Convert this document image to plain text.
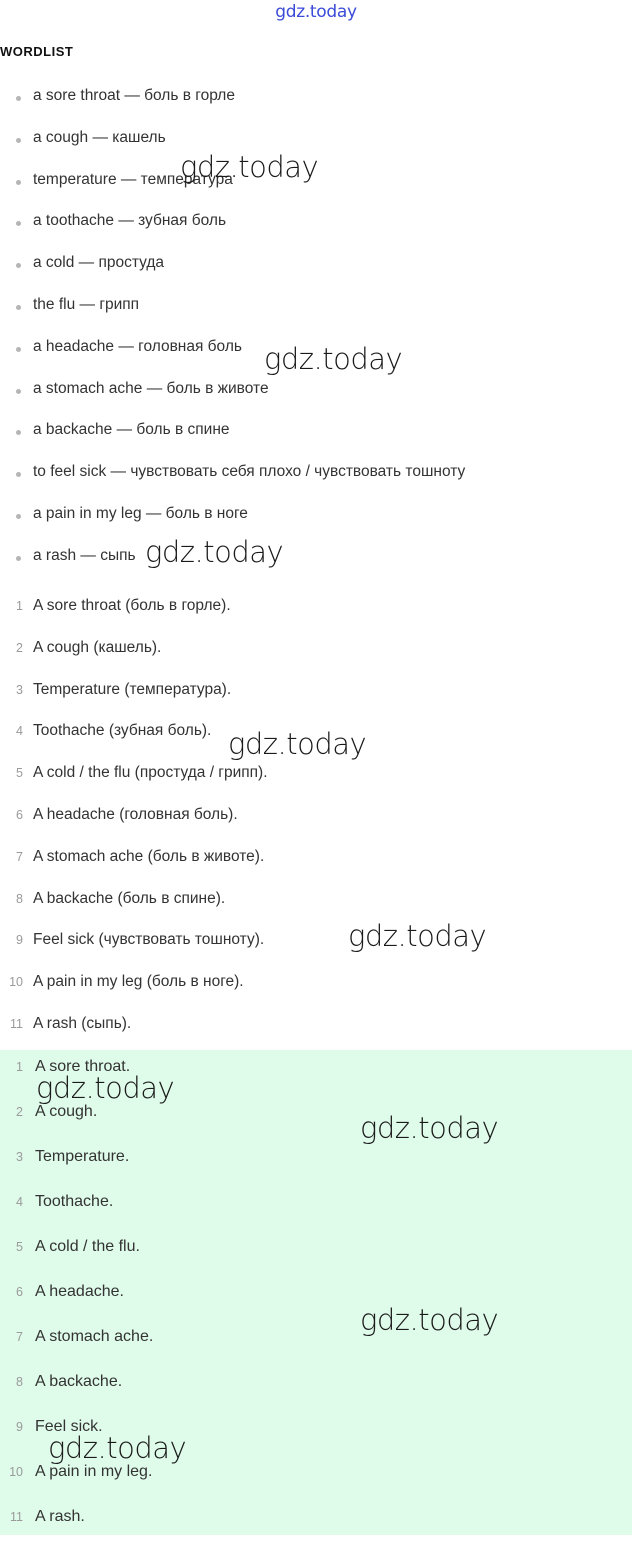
gdz.today
WORDLIST
a sore throat — боль в горле
a cough — кашель
temperature — температура
a toothache — зубная боль
a cold — простуда
the flu — грипп
a headache — головная боль
a stomach ache — боль в животе
a backache — боль в спине
to feel sick — чувствовать себя плохо / чувствовать тошноту
a pain in my leg — боль в ноге
a rash — сыпь
1 A sore throat (боль в горле).
2 A cough (кашель).
3 Temperature (температура).
4 Toothache (зубная боль).
5 A cold / the flu (простуда / грипп).
6 A headache (головная боль).
7 A stomach ache (боль в животе).
8 A backache (боль в спине).
9 Feel sick (чувствовать тошноту).
10 A pain in my leg (боль в ноге).
11 A rash (сыпь).
1 A sore throat.
2 A cough.
3 Temperature.
4 Toothache.
5 A cold / the flu.
6 A headache.
7 A stomach ache.
8 A backache.
9 Feel sick.
10 A pain in my leg.
11 A rash.
gdz.today
gdz.today
gdz.today
gdz.today
gdz.today
gdz.today
gdz.today
gdz.today
gdz.today
